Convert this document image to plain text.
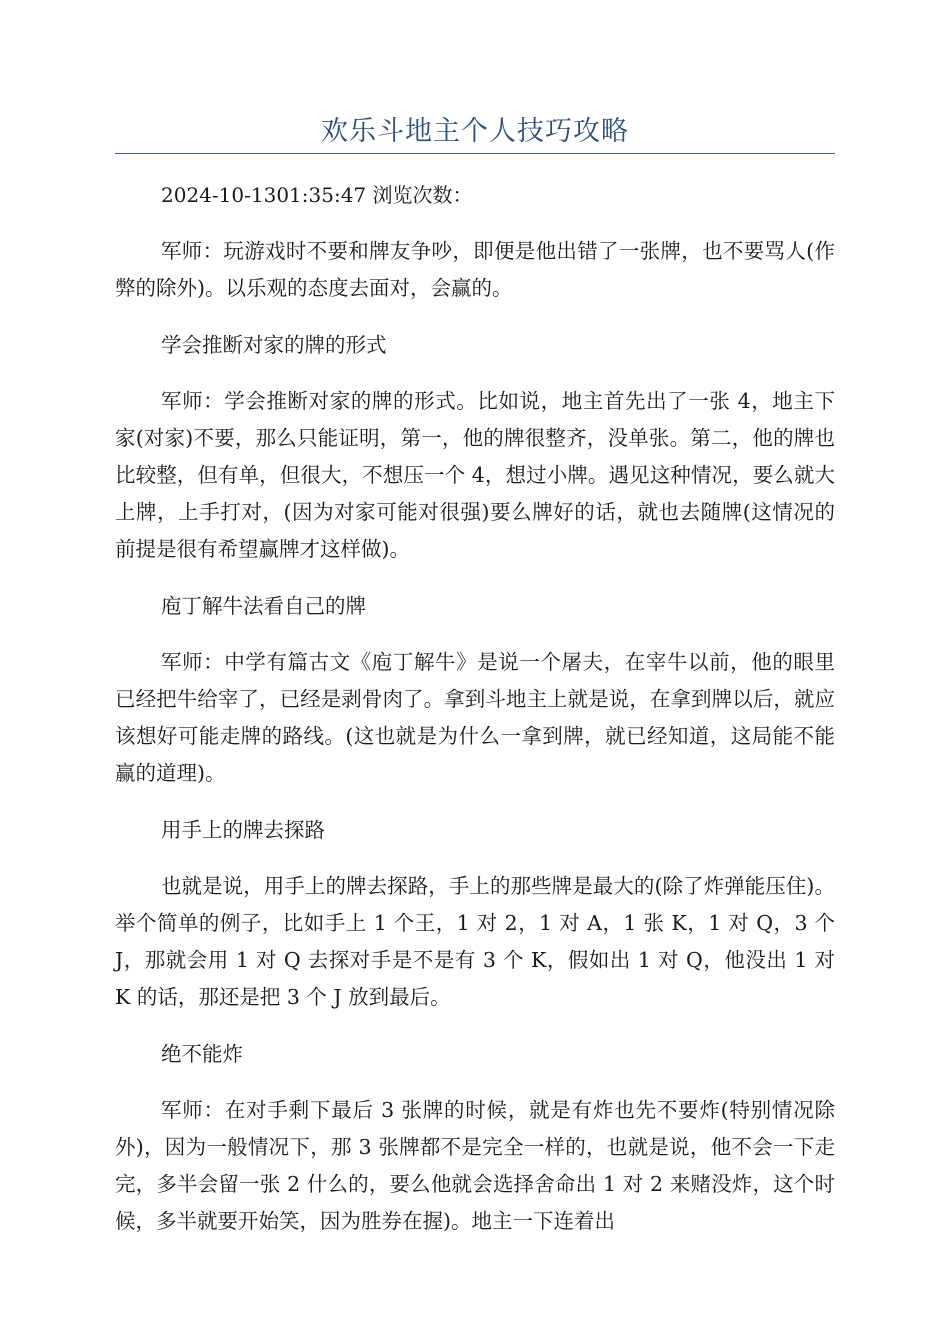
欢乐斗地主个人技巧攻略

2024-10-1301:35:47 浏览次数：

军师：玩游戏时不要和牌友争吵，即便是他出错了一张牌，也不要骂人(作弊的除外)。以乐观的态度去面对，会赢的。

学会推断对家的牌的形式

军师：学会推断对家的牌的形式。比如说，地主首先出了一张 4，地主下家(对家)不要，那么只能证明，第一，他的牌很整齐，没单张。第二，他的牌也比较整，但有单，但很大，不想压一个 4，想过小牌。遇见这种情况，要么就大上牌，上手打对，(因为对家可能对很强)要么牌好的话，就也去随牌(这情况的前提是很有希望赢牌才这样做)。

庖丁解牛法看自己的牌

军师：中学有篇古文《庖丁解牛》是说一个屠夫，在宰牛以前，他的眼里已经把牛给宰了，已经是剥骨肉了。拿到斗地主上就是说，在拿到牌以后，就应该想好可能走牌的路线。(这也就是为什么一拿到牌，就已经知道，这局能不能赢的道理)。

用手上的牌去探路

也就是说，用手上的牌去探路，手上的那些牌是最大的(除了炸弹能压住)。举个简单的例子，比如手上 1 个王，1 对 2，1 对 A，1 张 K，1 对 Q，3 个 J，那就会用 1 对 Q 去探对手是不是有 3 个 K，假如出 1 对 Q，他没出 1 对 K 的话，那还是把 3 个 J 放到最后。

绝不能炸

军师：在对手剩下最后 3 张牌的时候，就是有炸也先不要炸(特别情况除外)，因为一般情况下，那 3 张牌都不是完全一样的，也就是说，他不会一下走完，多半会留一张 2 什么的，要么他就会选择舍命出 1 对 2 来赌没炸，这个时候，多半就要开始笑，因为胜券在握)。地主一下连着出
